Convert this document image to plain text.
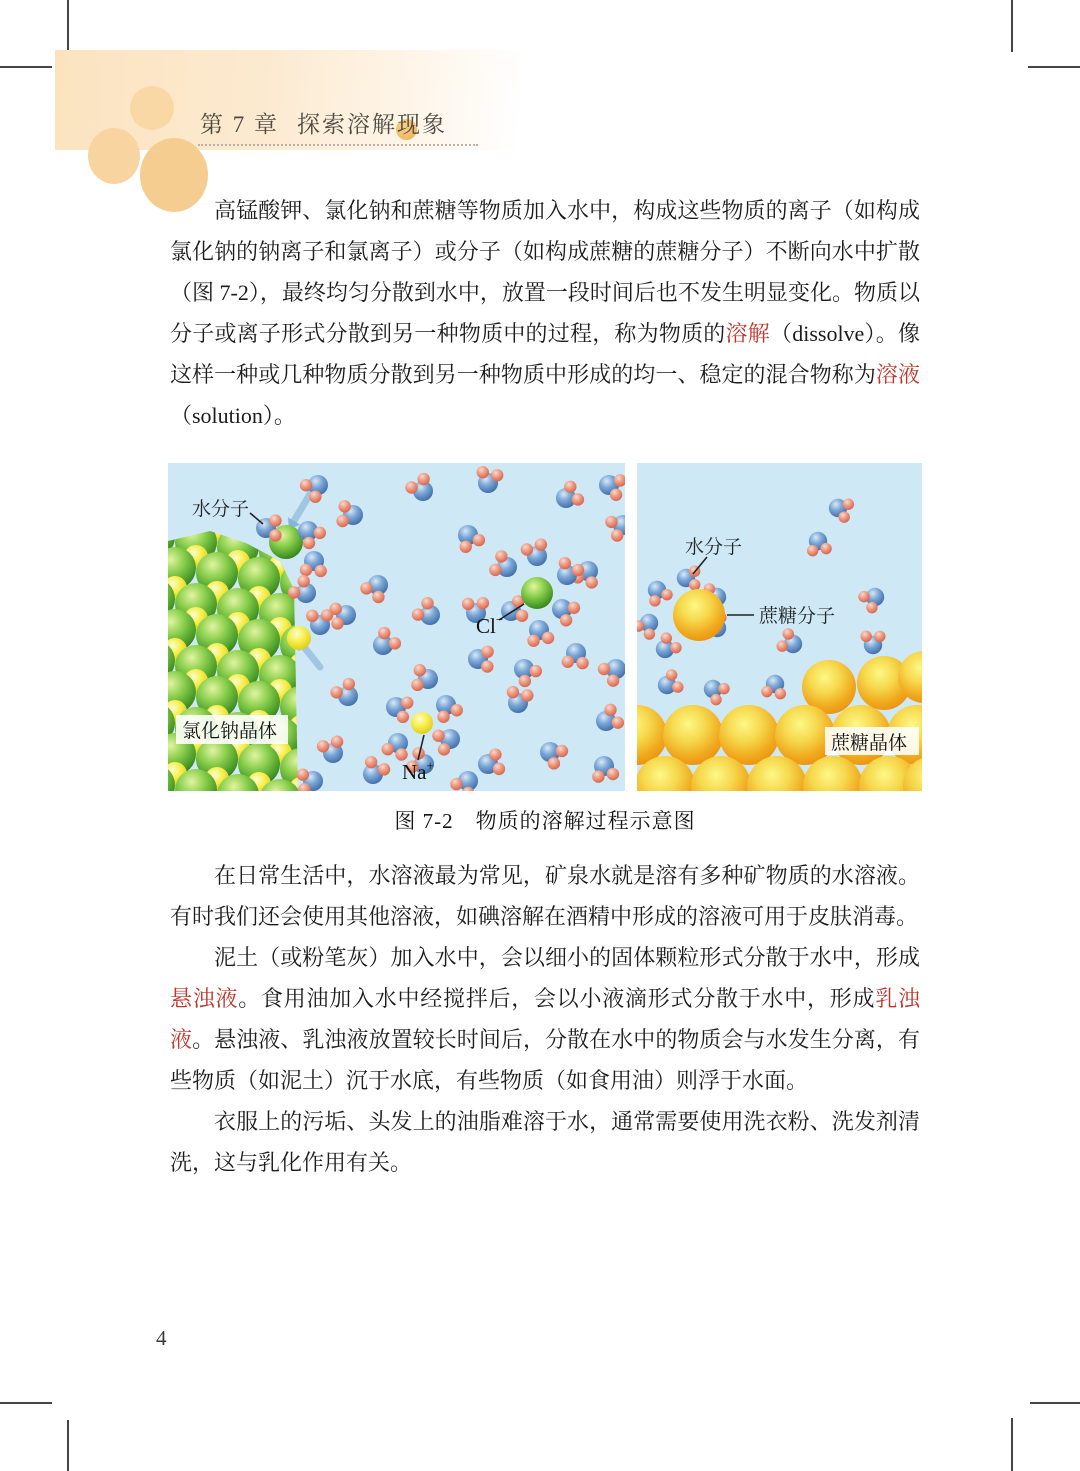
第 7 章 探索溶解现象

高锰酸钾、氯化钠和蔗糖等物质加入水中，构成这些物质的离子（如构成氯化钠的钠离子和氯离子）或分子（如构成蔗糖的蔗糖分子）不断向水中扩散（图 7-2），最终均匀分散到水中，放置一段时间后也不发生明显变化。物质以分子或离子形式分散到另一种物质中的过程，称为物质的溶解（dissolve）。像这样一种或几种物质分散到另一种物质中形成的均一、稳定的混合物称为溶液（solution）。

水分子
Cl−
Na+
氯化钠晶体
水分子
蔗糖分子
蔗糖晶体
图 7-2　物质的溶解过程示意图

在日常生活中，水溶液最为常见，矿泉水就是溶有多种矿物质的水溶液。有时我们还会使用其他溶液，如碘溶解在酒精中形成的溶液可用于皮肤消毒。

泥土（或粉笔灰）加入水中，会以细小的固体颗粒形式分散于水中，形成悬浊液。食用油加入水中经搅拌后，会以小液滴形式分散于水中，形成乳浊液。悬浊液、乳浊液放置较长时间后，分散在水中的物质会与水发生分离，有些物质（如泥土）沉于水底，有些物质（如食用油）则浮于水面。

衣服上的污垢、头发上的油脂难溶于水，通常需要使用洗衣粉、洗发剂清洗，这与乳化作用有关。

4
